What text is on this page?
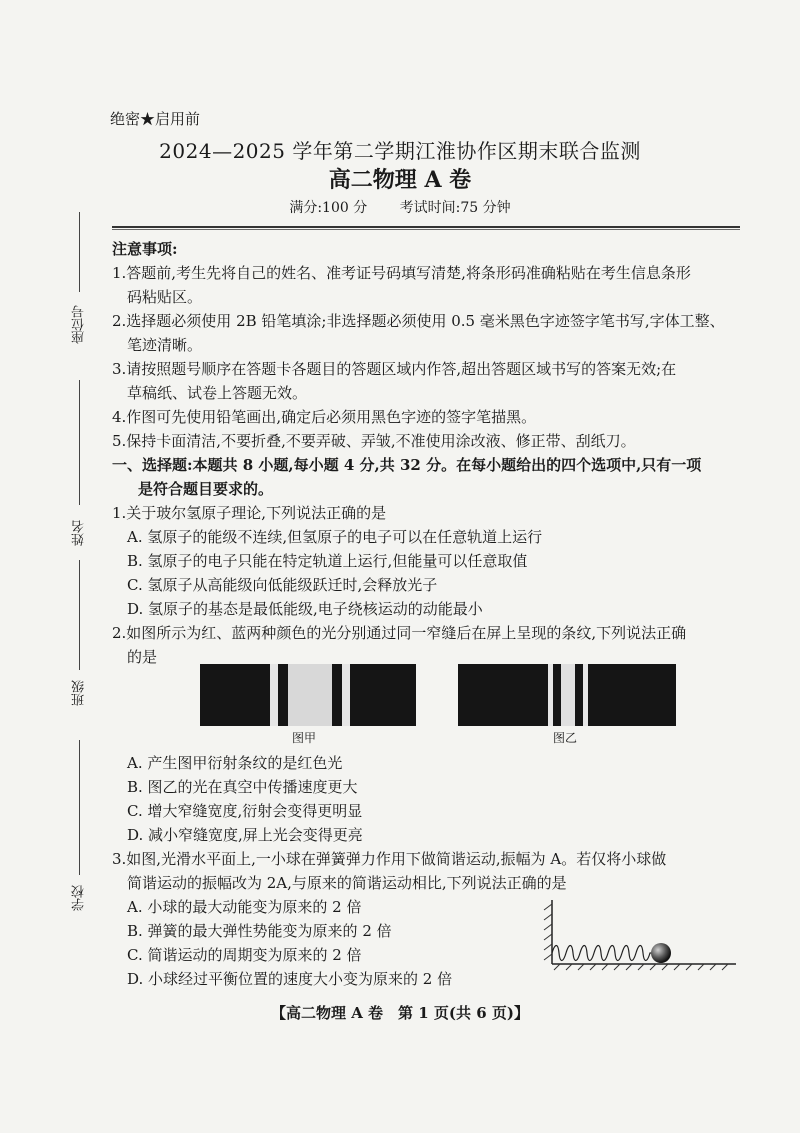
座位号
姓名
班级
学校
绝密★启用前
2024—2025 学年第二学期江淮协作区期末联合监测
高二物理 A 卷
满分:100 分 考试时间:75 分钟
注意事项:
1.答题前,考生先将自己的姓名、准考证号码填写清楚,将条形码准确粘贴在考生信息条形
码粘贴区。
2.选择题必须使用 2B 铅笔填涂;非选择题必须使用 0.5 毫米黑色字迹签字笔书写,字体工整、
笔迹清晰。
3.请按照题号顺序在答题卡各题目的答题区域内作答,超出答题区域书写的答案无效;在
草稿纸、试卷上答题无效。
4.作图可先使用铅笔画出,确定后必须用黑色字迹的签字笔描黑。
5.保持卡面清洁,不要折叠,不要弄破、弄皱,不准使用涂改液、修正带、刮纸刀。
一、选择题:本题共 8 小题,每小题 4 分,共 32 分。在每小题给出的四个选项中,只有一项
是符合题目要求的。
1.关于玻尔氢原子理论,下列说法正确的是
A. 氢原子的能级不连续,但氢原子的电子可以在任意轨道上运行
B. 氢原子的电子只能在特定轨道上运行,但能量可以任意取值
C. 氢原子从高能级向低能级跃迁时,会释放光子
D. 氢原子的基态是最低能级,电子绕核运动的动能最小
2.如图所示为红、蓝两种颜色的光分别通过同一窄缝后在屏上呈现的条纹,下列说法正确
的是
图甲	图乙
A. 产生图甲衍射条纹的是红色光
B. 图乙的光在真空中传播速度更大
C. 增大窄缝宽度,衍射会变得更明显
D. 减小窄缝宽度,屏上光会变得更亮
3.如图,光滑水平面上,一小球在弹簧弹力作用下做简谐运动,振幅为 A。若仅将小球做
简谐运动的振幅改为 2A,与原来的简谐运动相比,下列说法正确的是
A. 小球的最大动能变为原来的 2 倍
B. 弹簧的最大弹性势能变为原来的 2 倍
C. 简谐运动的周期变为原来的 2 倍
D. 小球经过平衡位置的速度大小变为原来的 2 倍
【高二物理 A 卷　第 1 页(共 6 页)】
